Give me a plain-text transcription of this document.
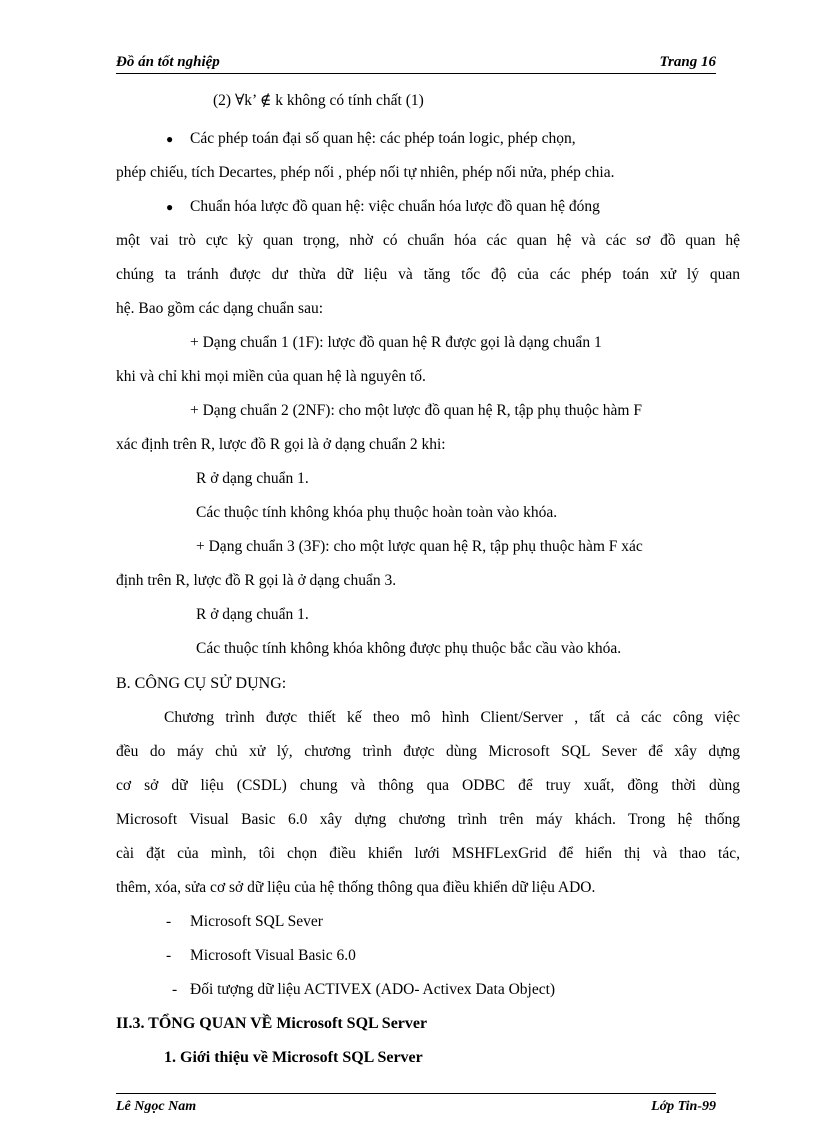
Đồ án tốt nghiệp	Trang 16
(2) ∀k’ ∉ k không có tính chất (1)
● Các phép toán đại số quan hệ: các phép toán logic, phép chọn,
phép chiếu, tích Decartes, phép nối , phép nối tự nhiên, phép nối nửa, phép chia.
● Chuẩn hóa lược đồ quan hệ: việc chuẩn hóa lược đồ quan hệ đóng
một vai trò cực kỳ quan trọng, nhờ có chuẩn hóa các quan hệ và các sơ đồ quan hệ
chúng ta tránh được dư thừa dữ liệu và tăng tốc độ của các phép toán xử lý quan
hệ. Bao gồm các dạng chuẩn sau:
+ Dạng chuẩn 1 (1F): lược đồ quan hệ R được gọi là dạng chuẩn 1
khi và chỉ khi mọi miền của quan hệ là nguyên tố.
+ Dạng chuẩn 2 (2NF): cho một lược đồ quan hệ R, tập phụ thuộc hàm F
xác định trên R, lược đồ R gọi là ở dạng chuẩn 2 khi:
R ở dạng chuẩn 1.
Các thuộc tính không khóa phụ thuộc hoàn toàn vào khóa.
+ Dạng chuẩn 3 (3F): cho một lược quan hệ R, tập phụ thuộc hàm F xác
định trên R, lược đồ R gọi là ở dạng chuẩn 3.
R ở dạng chuẩn 1.
Các thuộc tính không khóa không được phụ thuộc bắc cầu vào khóa.
B. CÔNG CỤ SỬ DỤNG:
Chương trình được thiết kế theo mô hình Client/Server , tất cả các công việc
đều do máy chủ xử lý, chương trình được dùng Microsoft SQL Sever để xây dựng
cơ sở dữ liệu (CSDL) chung và thông qua ODBC để truy xuất, đồng thời dùng
Microsoft Visual Basic 6.0 xây dựng chương trình trên máy khách. Trong hệ thống
cài đặt của mình, tôi chọn điều khiển lưới MSHFLexGrid để hiển thị và thao tác,
thêm, xóa, sửa cơ sở dữ liệu của hệ thống thông qua điều khiển dữ liệu ADO.
- Microsoft SQL Sever
- Microsoft Visual Basic 6.0
- Đối tượng dữ liệu ACTIVEX (ADO- Activex Data Object)
II.3. TỔNG QUAN VỀ Microsoft SQL Server
1. Giới thiệu về Microsoft SQL Server
Lê Ngọc Nam	Lớp Tin-99
